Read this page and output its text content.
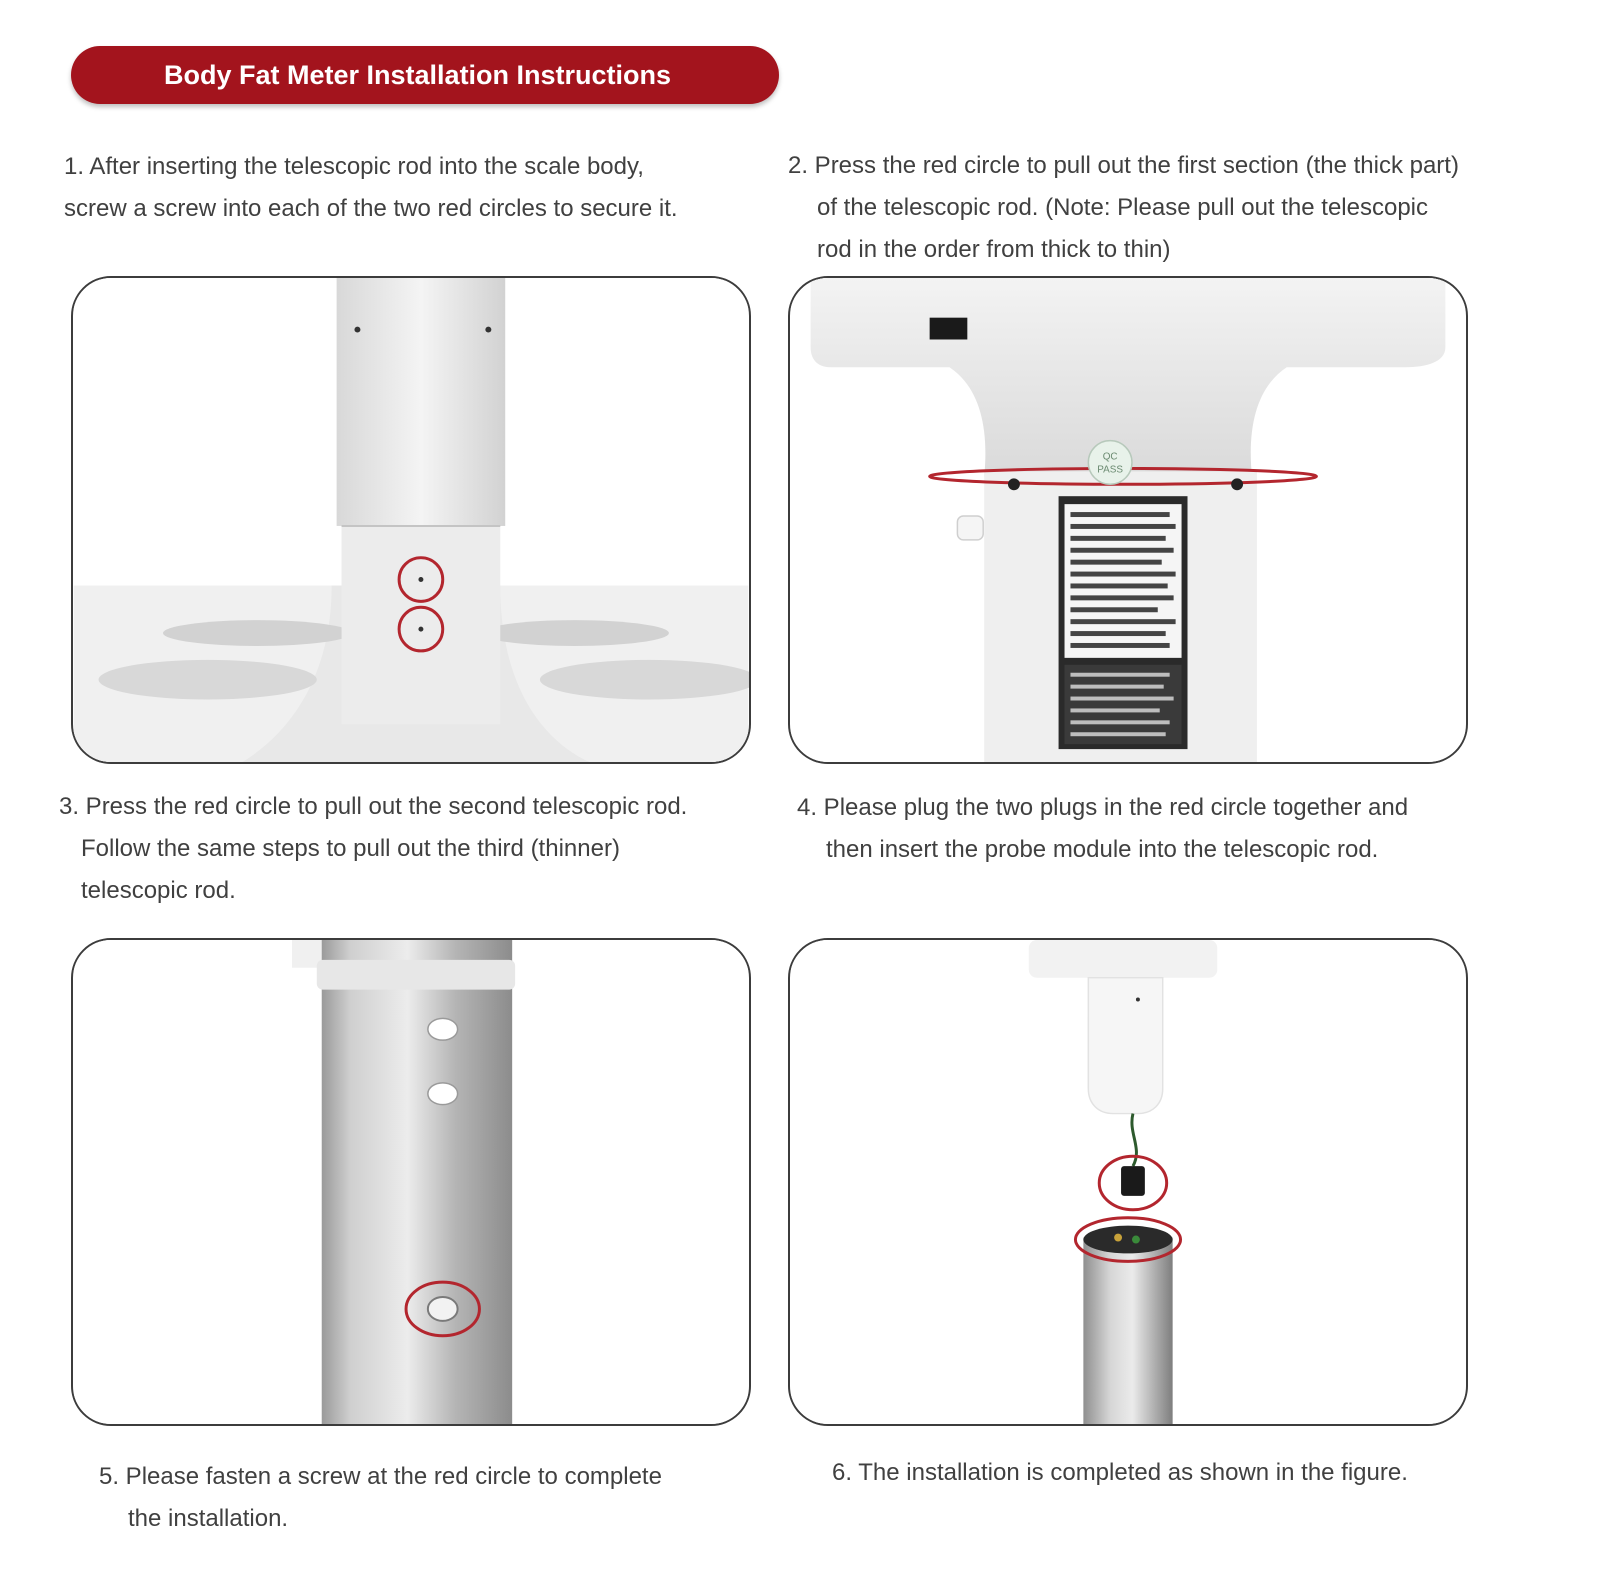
Body Fat Meter Installation Instructions
1. After inserting the telescopic rod into the scale body,
screw a screw into each of the two red circles to secure it.
2. Press the red circle to pull out the first section (the thick part)
of the telescopic rod. (Note: Please pull out the telescopic
rod in the order from thick to thin)
QC
PASS
3. Press the red circle to pull out the second telescopic rod.
Follow the same steps to pull out the third (thinner)
telescopic rod.
4. Please plug the two plugs in the red circle together and
then insert the probe module into the telescopic rod.
5. Please fasten a screw at the red circle to complete
the installation.
6. The installation is completed as shown in the figure.
